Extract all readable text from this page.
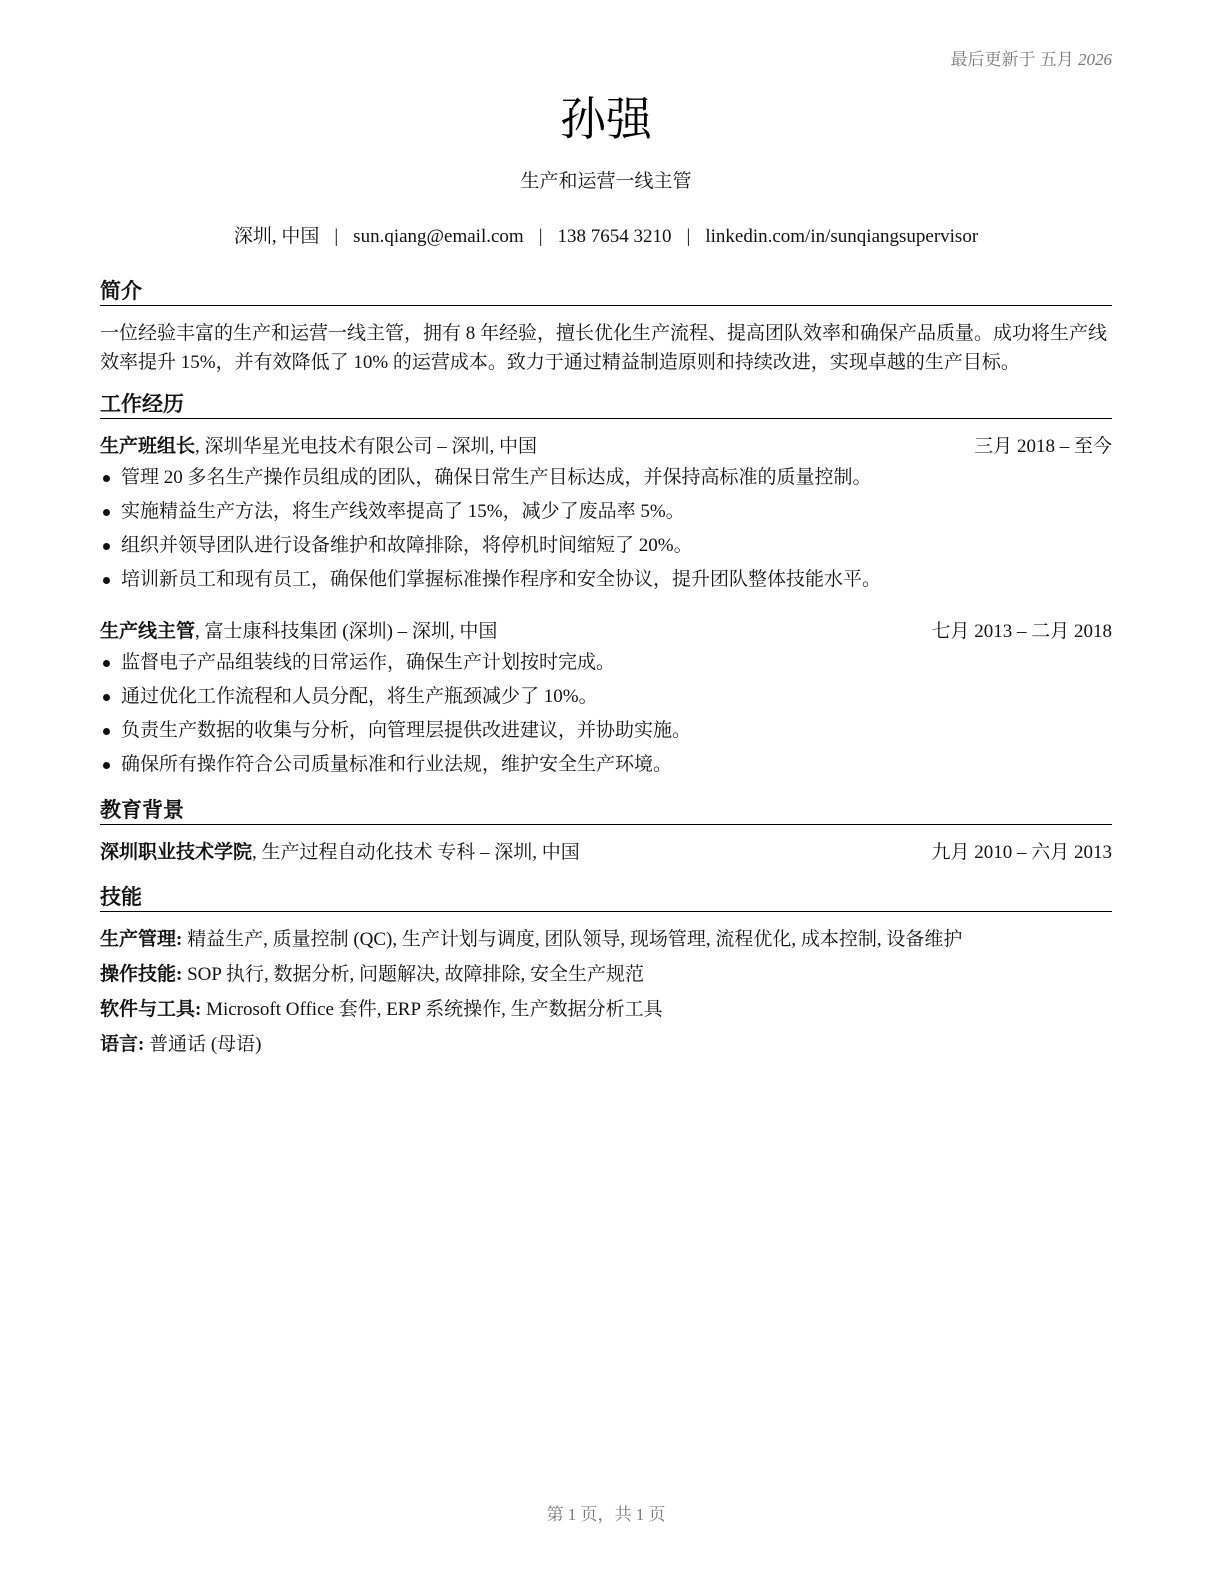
最后更新于 五月 2026
孙强
生产和运营一线主管
深圳, 中国 | sun.qiang@email.com | 138 7654 3210 | linkedin.com/in/sunqiangsupervisor
简介
一位经验丰富的生产和运营一线主管，拥有 8 年经验，擅长优化生产流程、提高团队效率和确保产品质量。成功将生产线效率提升 15%，并有效降低了 10% 的运营成本。致力于通过精益制造原则和持续改进，实现卓越的生产目标。
工作经历
生产班组长, 深圳华星光电技术有限公司 – 深圳, 中国	三月 2018 – 至今
管理 20 多名生产操作员组成的团队，确保日常生产目标达成，并保持高标准的质量控制。
实施精益生产方法，将生产线效率提高了 15%，减少了废品率 5%。
组织并领导团队进行设备维护和故障排除，将停机时间缩短了 20%。
培训新员工和现有员工，确保他们掌握标准操作程序和安全协议，提升团队整体技能水平。
生产线主管, 富士康科技集团 (深圳) – 深圳, 中国	七月 2013 – 二月 2018
监督电子产品组装线的日常运作，确保生产计划按时完成。
通过优化工作流程和人员分配，将生产瓶颈减少了 10%。
负责生产数据的收集与分析，向管理层提供改进建议，并协助实施。
确保所有操作符合公司质量标准和行业法规，维护安全生产环境。
教育背景
深圳职业技术学院, 生产过程自动化技术 专科 – 深圳, 中国	九月 2010 – 六月 2013
技能
生产管理: 精益生产, 质量控制 (QC), 生产计划与调度, 团队领导, 现场管理, 流程优化, 成本控制, 设备维护
操作技能: SOP 执行, 数据分析, 问题解决, 故障排除, 安全生产规范
软件与工具: Microsoft Office 套件, ERP 系统操作, 生产数据分析工具
语言: 普通话 (母语)
第 1 页，共 1 页
